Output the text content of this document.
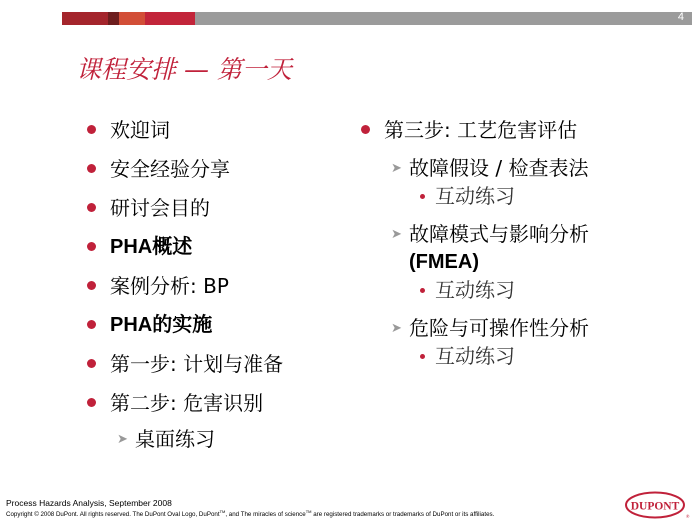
4
课程安排 — 第一天
欢迎词
安全经验分享
研讨会目的
PHA概述
案例分析: BP
PHA的实施
第一步: 计划与准备
第二步: 危害识别
➤ 桌面练习
第三步: 工艺危害评估
➤ 故障假设 / 检查表法
互动练习
➤ 故障模式与影响分析
(FMEA)
互动练习
➤ 危险与可操作性分析
互动练习
Process Hazards Analysis, September 2008
Copyright © 2008 DuPont. All rights reserved. The DuPont Oval Logo, DuPont™, and The miracles of science™ are registered trademarks or trademarks of DuPont or its affiliates.
DUPONT
®
